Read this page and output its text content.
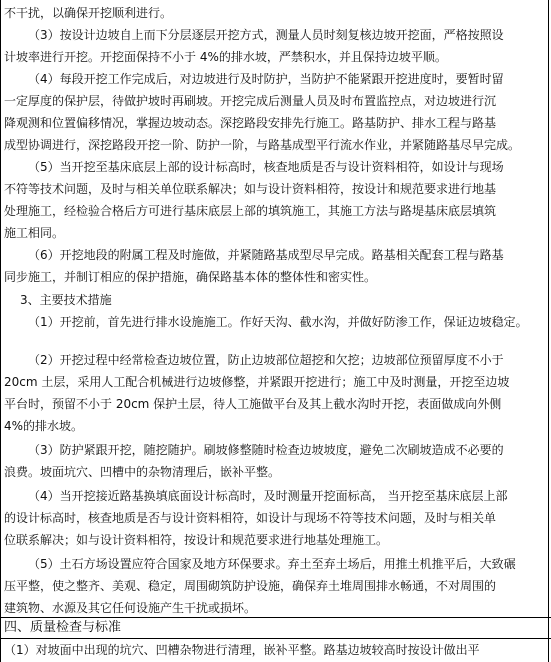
不干扰，以确保开挖顺利进行。
（3）按设计边坡自上而下分层逐层开挖方式，测量人员时刻复核边坡开挖面，严格按照设
计坡率进行开挖。开挖面保持不小于 4%的排水坡，严禁积水，并且保持边坡平顺。
（4）每段开挖工作完成后，对边坡进行及时防护，当防护不能紧跟开挖进度时，要暂时留
一定厚度的保护层，待做护坡时再刷坡。开挖完成后测量人员及时布置监控点，对边坡进行沉
降观测和位置偏移情况，掌握边坡动态。深挖路段安排先行施工。路基防护、排水工程与路基
成型协调进行，深挖路段开挖一阶、防护一阶，与路基成型平行流水作业，并紧随路基尽早完成。
（5）当开挖至基床底层上部的设计标高时，核查地质是否与设计资料相符，如设计与现场
不符等技术问题，及时与相关单位联系解决；如与设计资料相符，按设计和规范要求进行地基
处理施工，经检验合格后方可进行基床底层上部的填筑施工，其施工方法与路堤基床底层填筑
施工相同。
（6）开挖地段的附属工程及时施做，并紧随路基成型尽早完成。路基相关配套工程与路基
同步施工，并制订相应的保护措施，确保路基本体的整体性和密实性。
3、主要技术措施
（1）开挖前，首先进行排水设施施工。作好天沟、截水沟，并做好防渗工作，保证边坡稳定。
（2）开挖过程中经常检查边坡位置，防止边坡部位超挖和欠挖；边坡部位预留厚度不小于
20cm 土层，采用人工配合机械进行边坡修整，并紧跟开挖进行；施工中及时测量，开挖至边坡
平台时，预留不小于 20cm 保护土层，待人工施做平台及其上截水沟时开挖，表面做成向外侧
4%的排水坡。
（3）防护紧跟开挖，随挖随护。刷坡修整随时检查边坡坡度，避免二次刷坡造成不必要的
浪费。坡面坑穴、凹槽中的杂物清理后，嵌补平整。
（4）当开挖接近路基换填底面设计标高时，及时测量开挖面标高， 当开挖至基床底层上部
的设计标高时，核查地质是否与设计资料相符，如设计与现场不符等技术问题，及时与相关单
位联系解决；如与设计资料相符，按设计和规范要求进行地基处理施工。
（5）土石方场设置应符合国家及地方环保要求。弃土至弃土场后，用推土机推平后，大致碾
压平整，使之整齐、美观、稳定，周围砌筑防护设施，确保弃土堆周围排水畅通，不对周围的
建筑物、水源及其它任何设施产生干扰或损坏。
四、质量检查与标准
（1）对坡面中出现的坑穴、凹槽杂物进行清理，嵌补平整。路基边坡较高时按设计做出平
